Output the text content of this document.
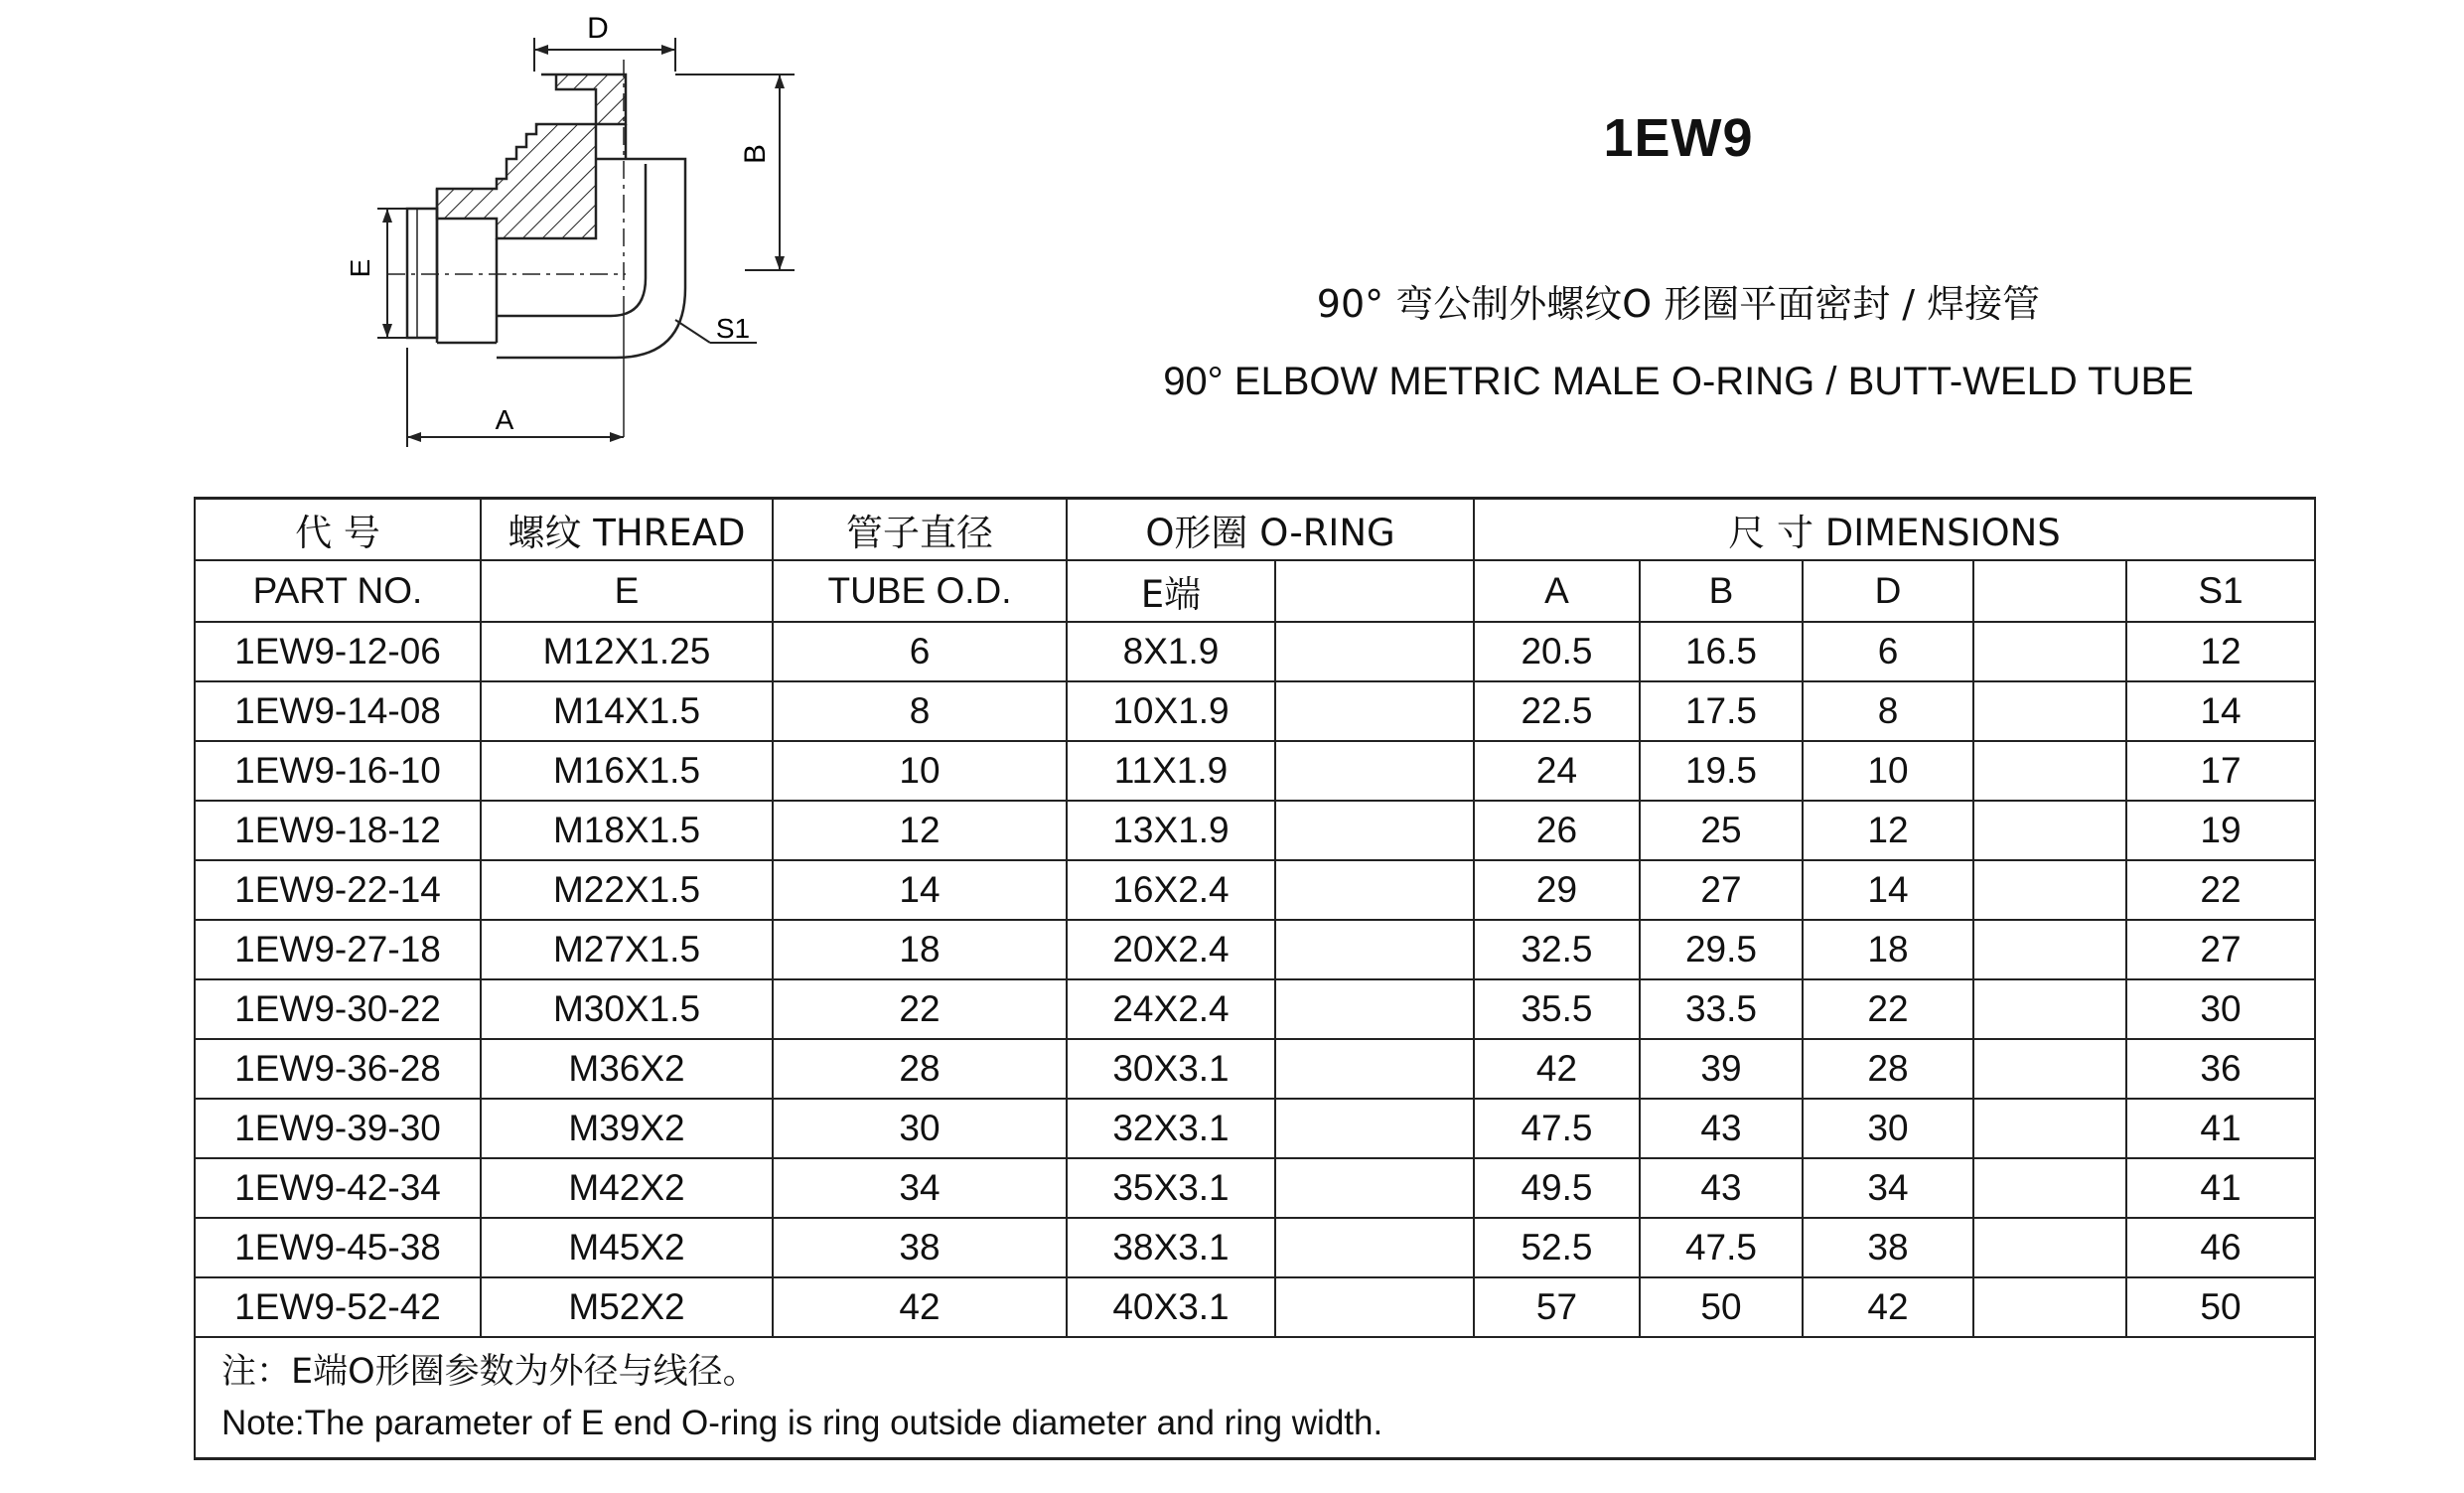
D
B
S1
E
A
1EW9
90° 弯公制外螺纹O 形圈平面密封 / 焊接管
90° ELBOW METRIC MALE O-RING / BUTT-WELD TUBE
代 号	螺纹 THREAD	管子直径	O形圈 O-RING		尺 寸 DIMENSIONS				
PART NO.	E	TUBE O.D.	E端		A	B	D		S1
1EW9-12-06	M12X1.25	6	8X1.9		20.5	16.5	6		12
1EW9-14-08	M14X1.5	8	10X1.9		22.5	17.5	8		14
1EW9-16-10	M16X1.5	10	11X1.9		24	19.5	10		17
1EW9-18-12	M18X1.5	12	13X1.9		26	25	12		19
1EW9-22-14	M22X1.5	14	16X2.4		29	27	14		22
1EW9-27-18	M27X1.5	18	20X2.4		32.5	29.5	18		27
1EW9-30-22	M30X1.5	22	24X2.4		35.5	33.5	22		30
1EW9-36-28	M36X2	28	30X3.1		42	39	28		36
1EW9-39-30	M39X2	30	32X3.1		47.5	43	30		41
1EW9-42-34	M42X2	34	35X3.1		49.5	43	34		41
1EW9-45-38	M45X2	38	38X3.1		52.5	47.5	38		46
1EW9-52-42	M52X2	42	40X3.1		57	50	42		50

注：E端O形圈参数为外径与线径。
Note:The parameter of E end O-ring is ring outside diameter and ring width.									
